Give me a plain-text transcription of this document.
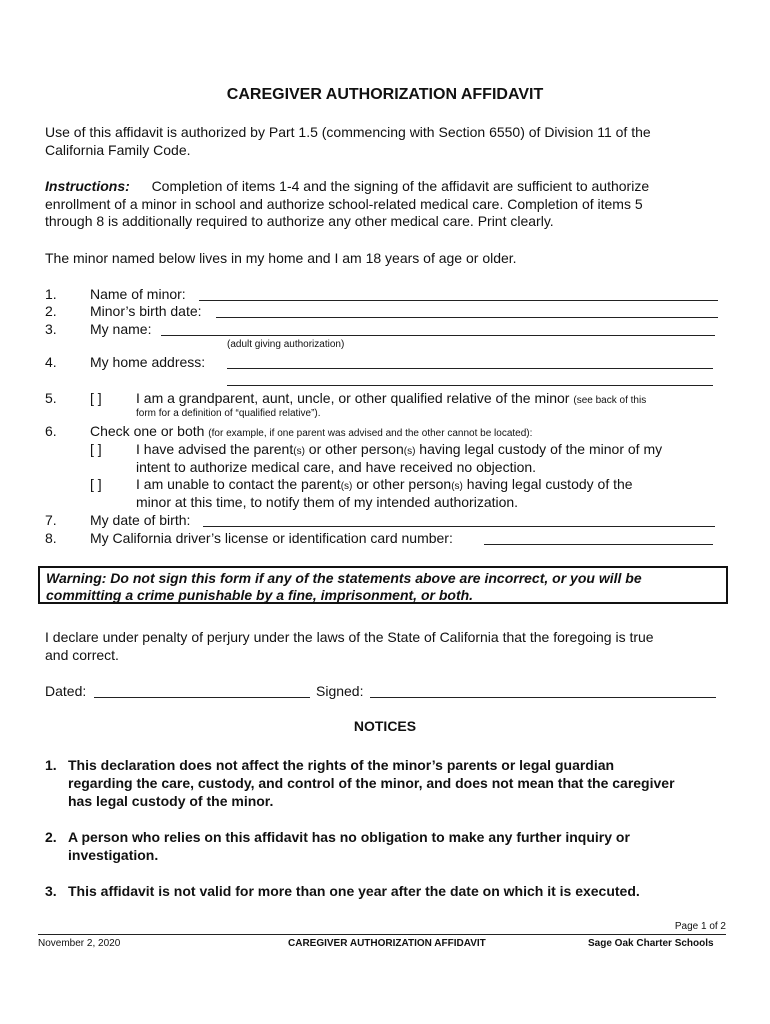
CAREGIVER AUTHORIZATION AFFIDAVIT
Use of this affidavit is authorized by Part 1.5 (commencing with Section 6550) of Division 11 of the
California Family Code.
Instructions: Completion of items 1-4 and the signing of the affidavit are sufficient to authorize
enrollment of a minor in school and authorize school-related medical care. Completion of items 5
through 8 is additionally required to authorize any other medical care. Print clearly.
The minor named below lives in my home and I am 18 years of age or older.
1. Name of minor:
2. Minor’s birth date:
3. My name:
(adult giving authorization)
4. My home address:
5. [ ] I am a grandparent, aunt, uncle, or other qualified relative of the minor (see back of this
form for a definition of “qualified relative”).
6. Check one or both (for example, if one parent was advised and the other cannot be located):
[ ] I have advised the parent(s) or other person(s) having legal custody of the minor of my
intent to authorize medical care, and have received no objection.
[ ] I am unable to contact the parent(s) or other person(s) having legal custody of the
minor at this time, to notify them of my intended authorization.
7. My date of birth:
8. My California driver’s license or identification card number:
Warning: Do not sign this form if any of the statements above are incorrect, or you will be
committing a crime punishable by a fine, imprisonment, or both.
I declare under penalty of perjury under the laws of the State of California that the foregoing is true
and correct.
Dated:	Signed:
NOTICES
1. This declaration does not affect the rights of the minor’s parents or legal guardian
regarding the care, custody, and control of the minor, and does not mean that the caregiver
has legal custody of the minor.
2. A person who relies on this affidavit has no obligation to make any further inquiry or
investigation.
3. This affidavit is not valid for more than one year after the date on which it is executed.
Page 1 of 2
November 2, 2020	CAREGIVER AUTHORIZATION AFFIDAVIT	Sage Oak Charter Schools
